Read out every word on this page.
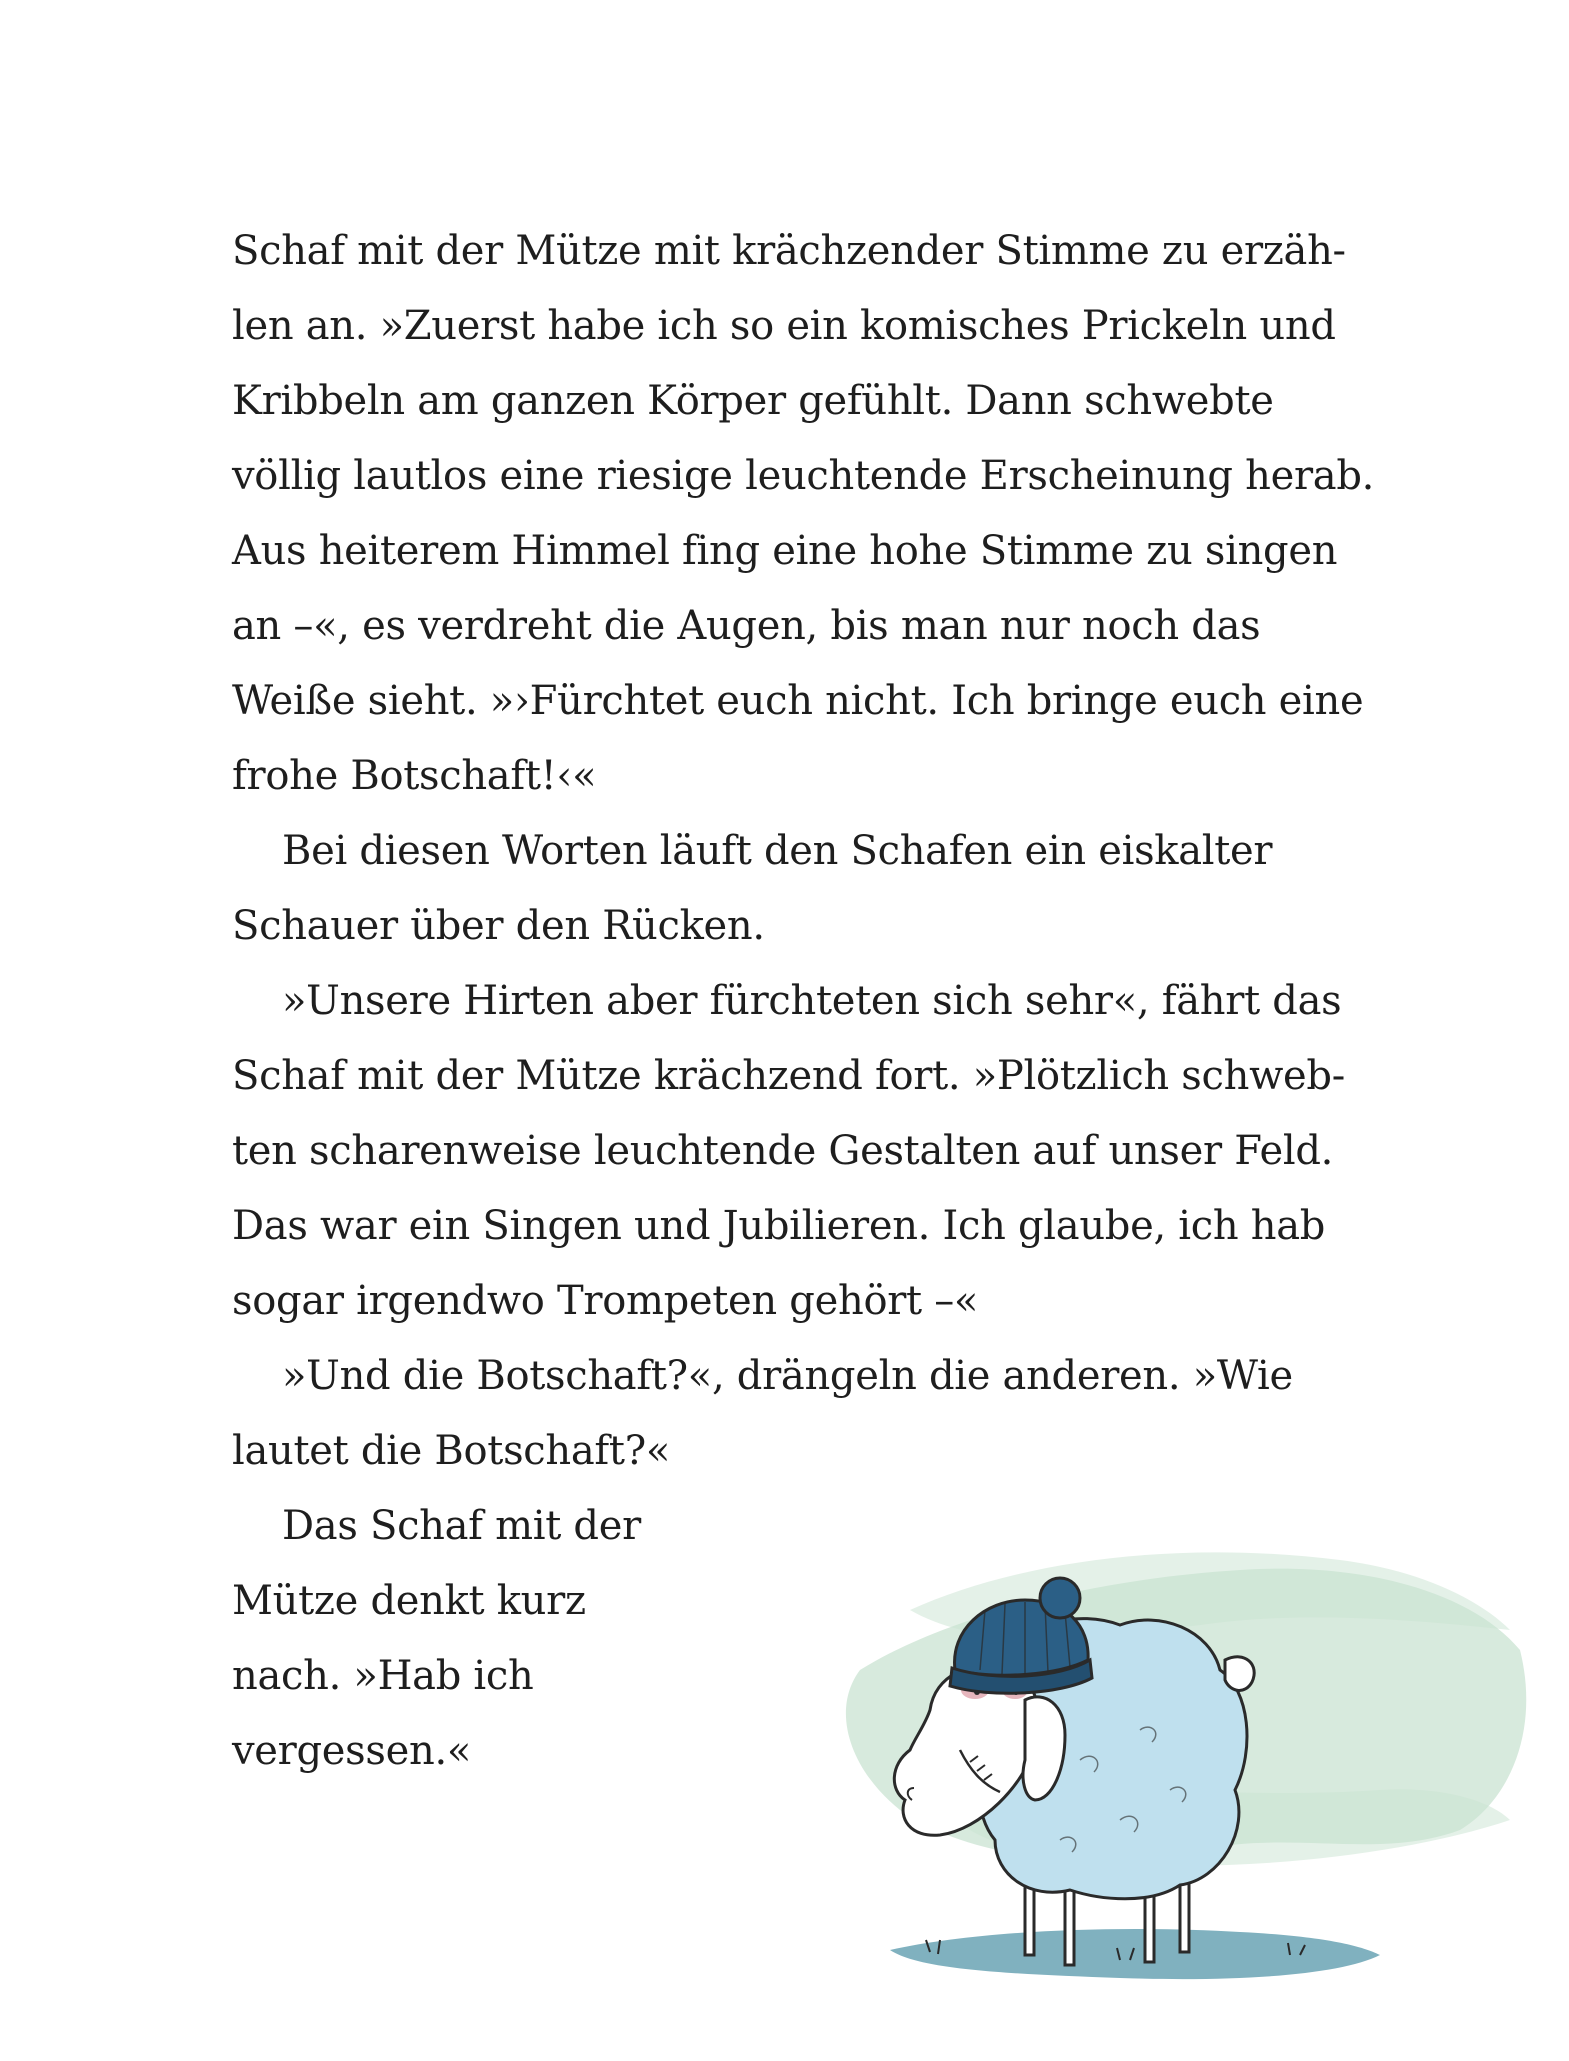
Schaf mit der Mütze mit krächzender Stimme zu erzäh-
len an. »Zuerst habe ich so ein komisches Prickeln und
Kribbeln am ganzen Körper gefühlt. Dann schwebte
völlig lautlos eine riesige leuchtende Erscheinung herab.
Aus heiterem Himmel fing eine hohe Stimme zu singen
an –«, es verdreht die Augen, bis man nur noch das
Weiße sieht. »›Fürchtet euch nicht. Ich bringe euch eine
frohe Botschaft!‹«
Bei diesen Worten läuft den Schafen ein eiskalter
Schauer über den Rücken.
»Unsere Hirten aber fürchteten sich sehr«, fährt das
Schaf mit der Mütze krächzend fort. »Plötzlich schweb-
ten scharenweise leuchtende Gestalten auf unser Feld.
Das war ein Singen und Jubilieren. Ich glaube, ich hab
sogar irgendwo Trompeten gehört –«
»Und die Botschaft?«, drängeln die anderen. »Wie
lautet die Botschaft?«
Das Schaf mit der
Mütze denkt kurz
nach. »Hab ich
vergessen.«
